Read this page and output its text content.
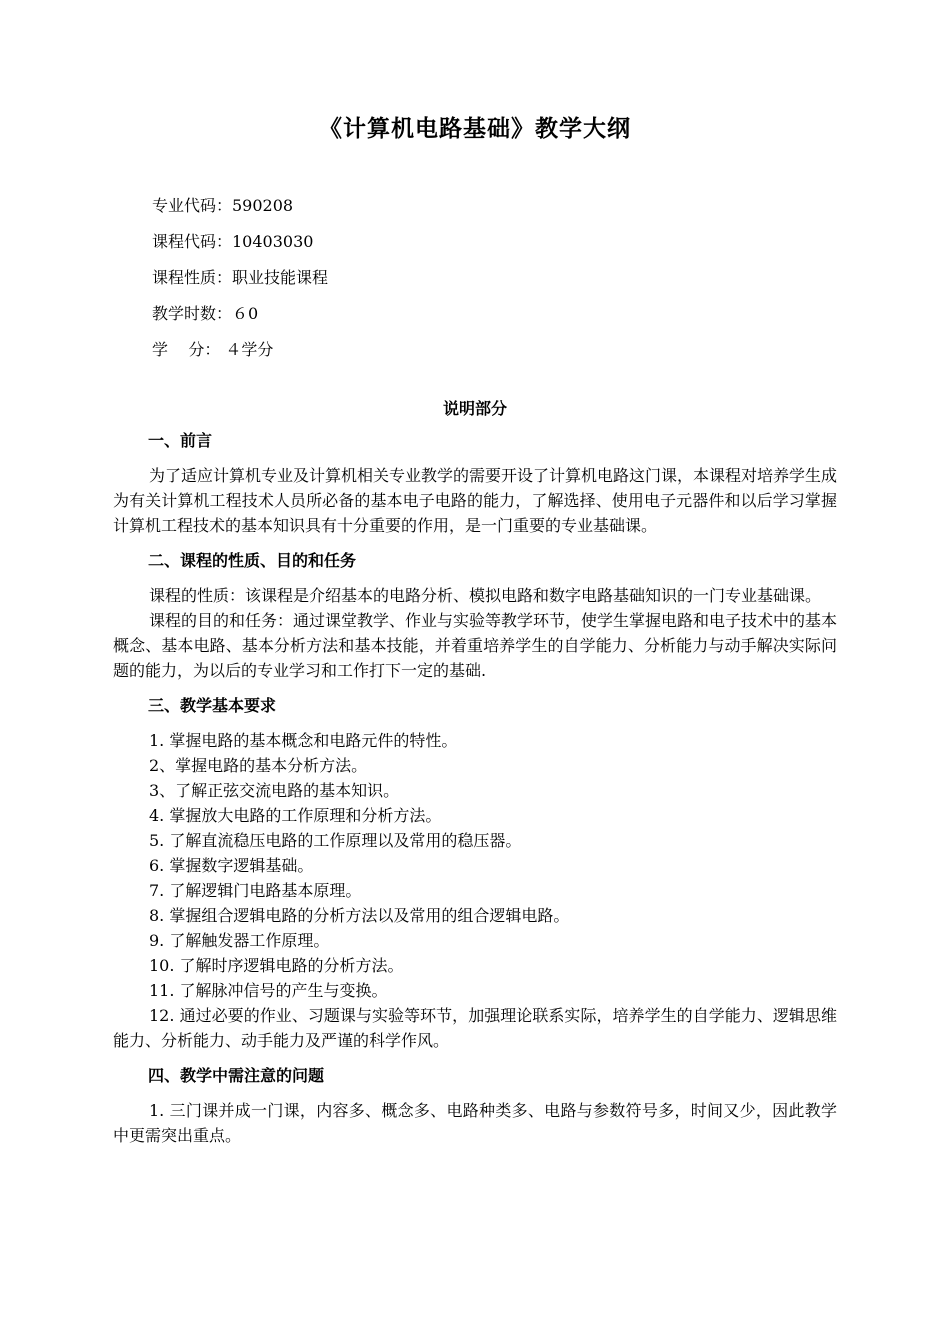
《计算机电路基础》教学大纲
专业代码：590208
课程代码：10403030
课程性质：职业技能课程
教学时数：６0
学    分： ４学分
说明部分

一、前言

为了适应计算机专业及计算机相关专业教学的需要开设了计算机电路这门课，本课程对培养学生成为有关计算机工程技术人员所必备的基本电子电路的能力，了解选择、使用电子元器件和以后学习掌握计算机工程技术的基本知识具有十分重要的作用，是一门重要的专业基础课。

二、课程的性质、目的和任务

课程的性质：该课程是介绍基本的电路分析、模拟电路和数字电路基础知识的一门专业基础课。

课程的目的和任务：通过课堂教学、作业与实验等教学环节，使学生掌握电路和电子技术中的基本概念、基本电路、基本分析方法和基本技能，并着重培养学生的自学能力、分析能力与动手解决实际问题的能力，为以后的专业学习和工作打下一定的基础.

三、教学基本要求

1. 掌握电路的基本概念和电路元件的特性。

2、掌握电路的基本分析方法。

3、了解正弦交流电路的基本知识。

4. 掌握放大电路的工作原理和分析方法。

5. 了解直流稳压电路的工作原理以及常用的稳压器。

6. 掌握数字逻辑基础。

7. 了解逻辑门电路基本原理。

8. 掌握组合逻辑电路的分析方法以及常用的组合逻辑电路。

9. 了解触发器工作原理。

10. 了解时序逻辑电路的分析方法。

11. 了解脉冲信号的产生与变换。

12. 通过必要的作业、习题课与实验等环节，加强理论联系实际，培养学生的自学能力、逻辑思维能力、分析能力、动手能力及严谨的科学作风。

四、教学中需注意的问题

1. 三门课并成一门课，内容多、概念多、电路种类多、电路与参数符号多，时间又少，因此教学中更需突出重点。
